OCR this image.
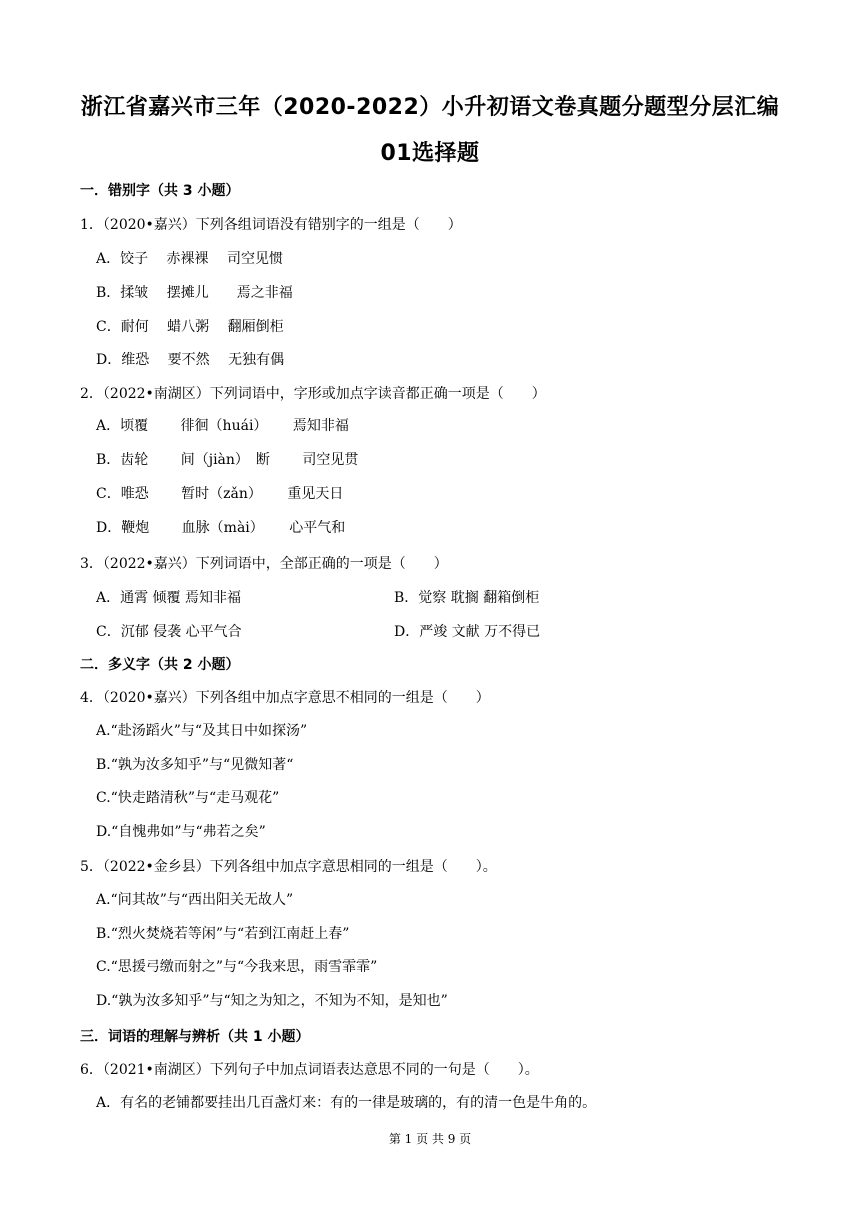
浙江省嘉兴市三年（2020-2022）小升初语文卷真题分题型分层汇编
01选择题
一．错别字（共 3 小题）
1．（2020•嘉兴）下列各组词语没有错别字的一组是（　　）
A．饺子　 赤裸裸　 司空见惯
B．揉皱　 摆摊儿　　焉之非福
C．耐何　 蜡八粥　 翻厢倒柜
D．维恐　 要不然　 无独有偶
2．（2022•南湖区）下列词语中，字形或加点字读音都正确一项是（　　）
A．顷覆　　 徘徊（huái）　　 焉知非福
B．齿轮　　 间（jiàn）　断　　 司空见贯
C．唯恐　　 暂时（zǎn）　　 重见天日
D．鞭炮　　 血脉（mài）　　 心平气和
3．（2022•嘉兴）下列词语中，全部正确的一项是（　　）
A．通霄 倾覆 焉知非福	B．觉察 耽搁 翻箱倒柜
C．沉郁 侵袭 心平气合	D．严竣 文献 万不得已
二．多义字（共 2 小题）
4．（2020•嘉兴）下列各组中加点字意思不相同的一组是（　　）
A.“赴汤蹈火”与“及其日中如探汤”
B.“孰为汝多知乎”与“见微知著“
C.“快走踏清秋”与“走马观花”
D.“自愧弗如”与“弗若之矣”
5．（2022•金乡县）下列各组中加点字意思相同的一组是（　　）。
A.“问其故”与“西出阳关无故人”
B.“烈火焚烧若等闲”与“若到江南赶上春”
C.“思援弓缴而射之”与“今我来思，雨雪霏霏”
D.“孰为汝多知乎”与“知之为知之，不知为不知，是知也”
三．词语的理解与辨析（共 1 小题）
6．（2021•南湖区）下列句子中加点词语表达意思不同的一句是（　　）。
A．有名的老铺都要挂出几百盏灯来：有的一律是玻璃的，有的清一色是牛角的。
第 1 页 共 9 页
